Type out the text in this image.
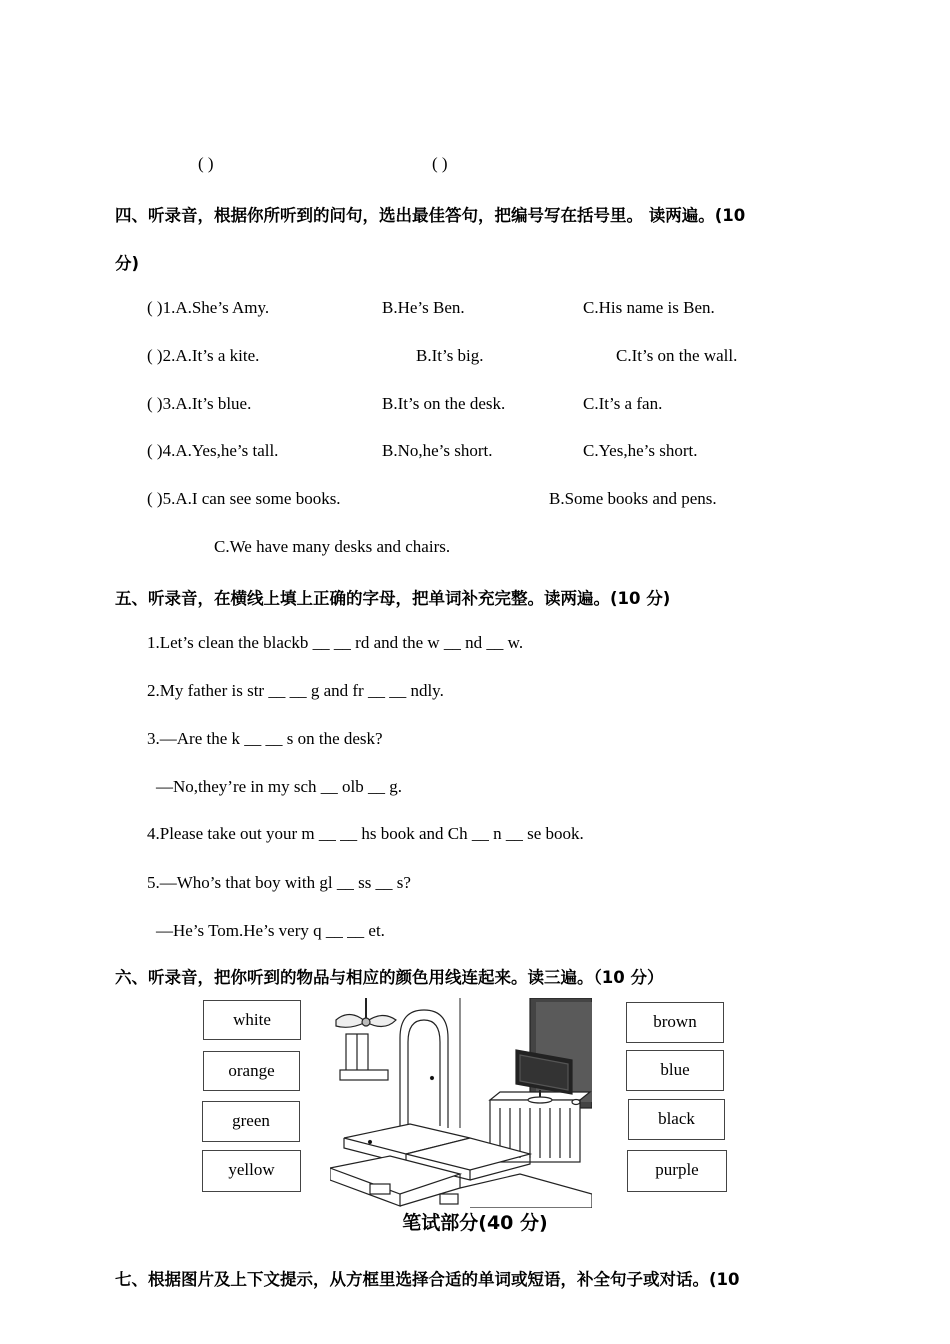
( )	( )
四、听录音，根据你所听到的问句，选出最佳答句，把编号写在括号里。 读两遍。(10
分)
( )1.A.She’s Amy.	B.He’s Ben.	C.His name is Ben.
( )2.A.It’s a kite.	B.It’s big.	C.It’s on the wall.
( )3.A.It’s blue.	B.It’s on the desk.	C.It’s a fan.
( )4.A.Yes,he’s tall.	B.No,he’s short.	C.Yes,he’s short.
( )5.A.I can see some books.	B.Some books and pens.
C.We have many desks and chairs.
五、听录音，在横线上填上正确的字母，把单词补充完整。读两遍。(10 分)
1.Let’s clean the blackb __ __ rd and the w __ nd __ w.
2.My father is str __ __ g and fr __ __ ndly.
3.—Are the k __ __ s on the desk?
—No,they’re in my sch __ olb __ g.
4.Please take out your m __ __ hs book and Ch __ n __ se book.
5.—Who’s that boy with gl __ ss __ s?
—He’s Tom.He’s very q __ __ et.
六、听录音，把你听到的物品与相应的颜色用线连起来。读三遍。（10 分）
white
orange
green
yellow
brown
blue
black
purple
笔试部分(40 分)
七、根据图片及上下文提示，从方框里选择合适的单词或短语，补全句子或对话。(10
